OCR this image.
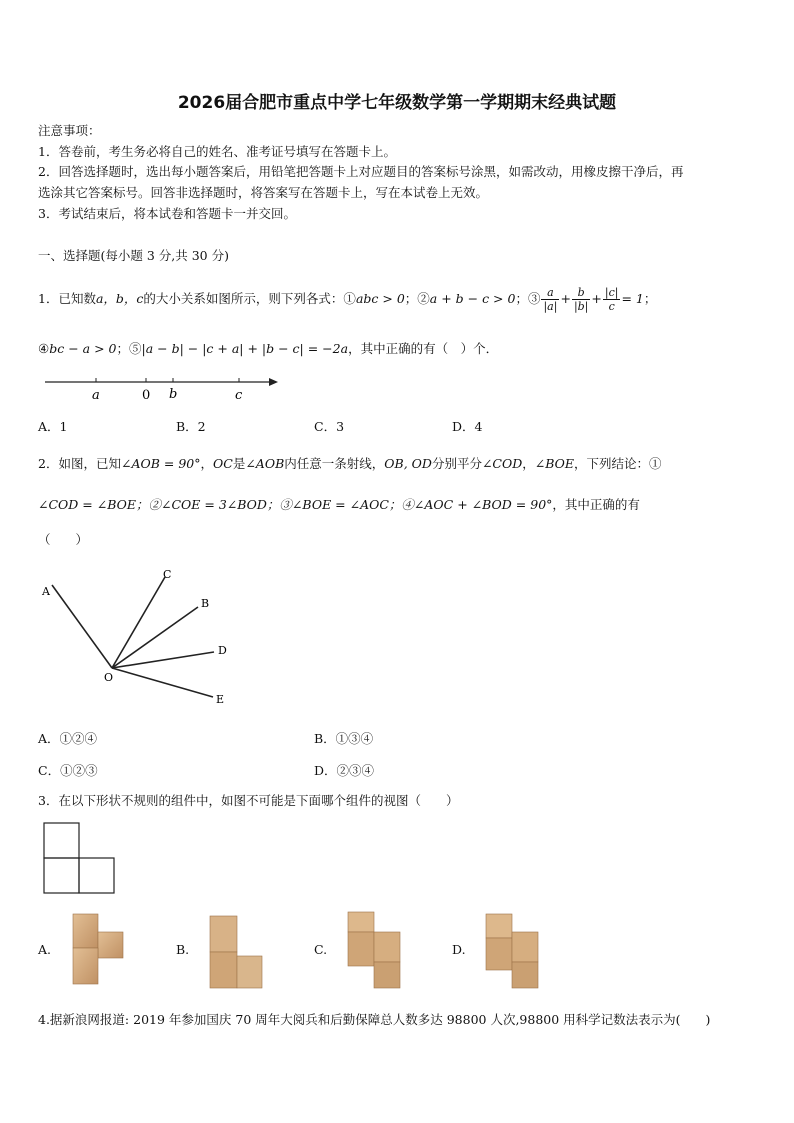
2026届合肥市重点中学七年级数学第一学期期末经典试题
注意事项：
1．答卷前，考生务必将自己的姓名、准考证号填写在答题卡上。
2．回答选择题时，选出每小题答案后，用铅笔把答题卡上对应题目的答案标号涂黑，如需改动，用橡皮擦干净后，再
选涂其它答案标号。回答非选择题时，将答案写在答题卡上，写在本试卷上无效。
3．考试结束后，将本试卷和答题卡一并交回。
一、选择题(每小题 3 分,共 30 分)
1．已知数a，b，c的大小关系如图所示，则下列各式：①abc > 0；②a + b − c > 0；③ $\frac{a}{|a|} + \frac{b}{|b|} + \frac{|c|}{c} = 1$；
④bc − a > 0；⑤|a − b| − |c + a| + |b − c| = −2a，其中正确的有（　）个．
a	0 b	c
A．1	B．2	C．3	D．4
2．如图，已知∠AOB = 90°，OC是∠AOB内任意一条射线，OB, OD分别平分∠COD，∠BOE，下列结论：①
∠COD = ∠BOE；②∠COE = 3∠BOD；③∠BOE = ∠AOC；④∠AOC + ∠BOD = 90°，其中正确的有
（　　）
A
C
B
D
O
E
A．①②④	B．①③④
C．①②③	D．②③④
3．在以下形状不规则的组件中，如图不可能是下面哪个组件的视图（　　）
A.	B.	C.	D.
4.据新浪网报道: 2019 年参加国庆 70 周年大阅兵和后勤保障总人数多达 98800 人次,98800 用科学记数法表示为(　　)
